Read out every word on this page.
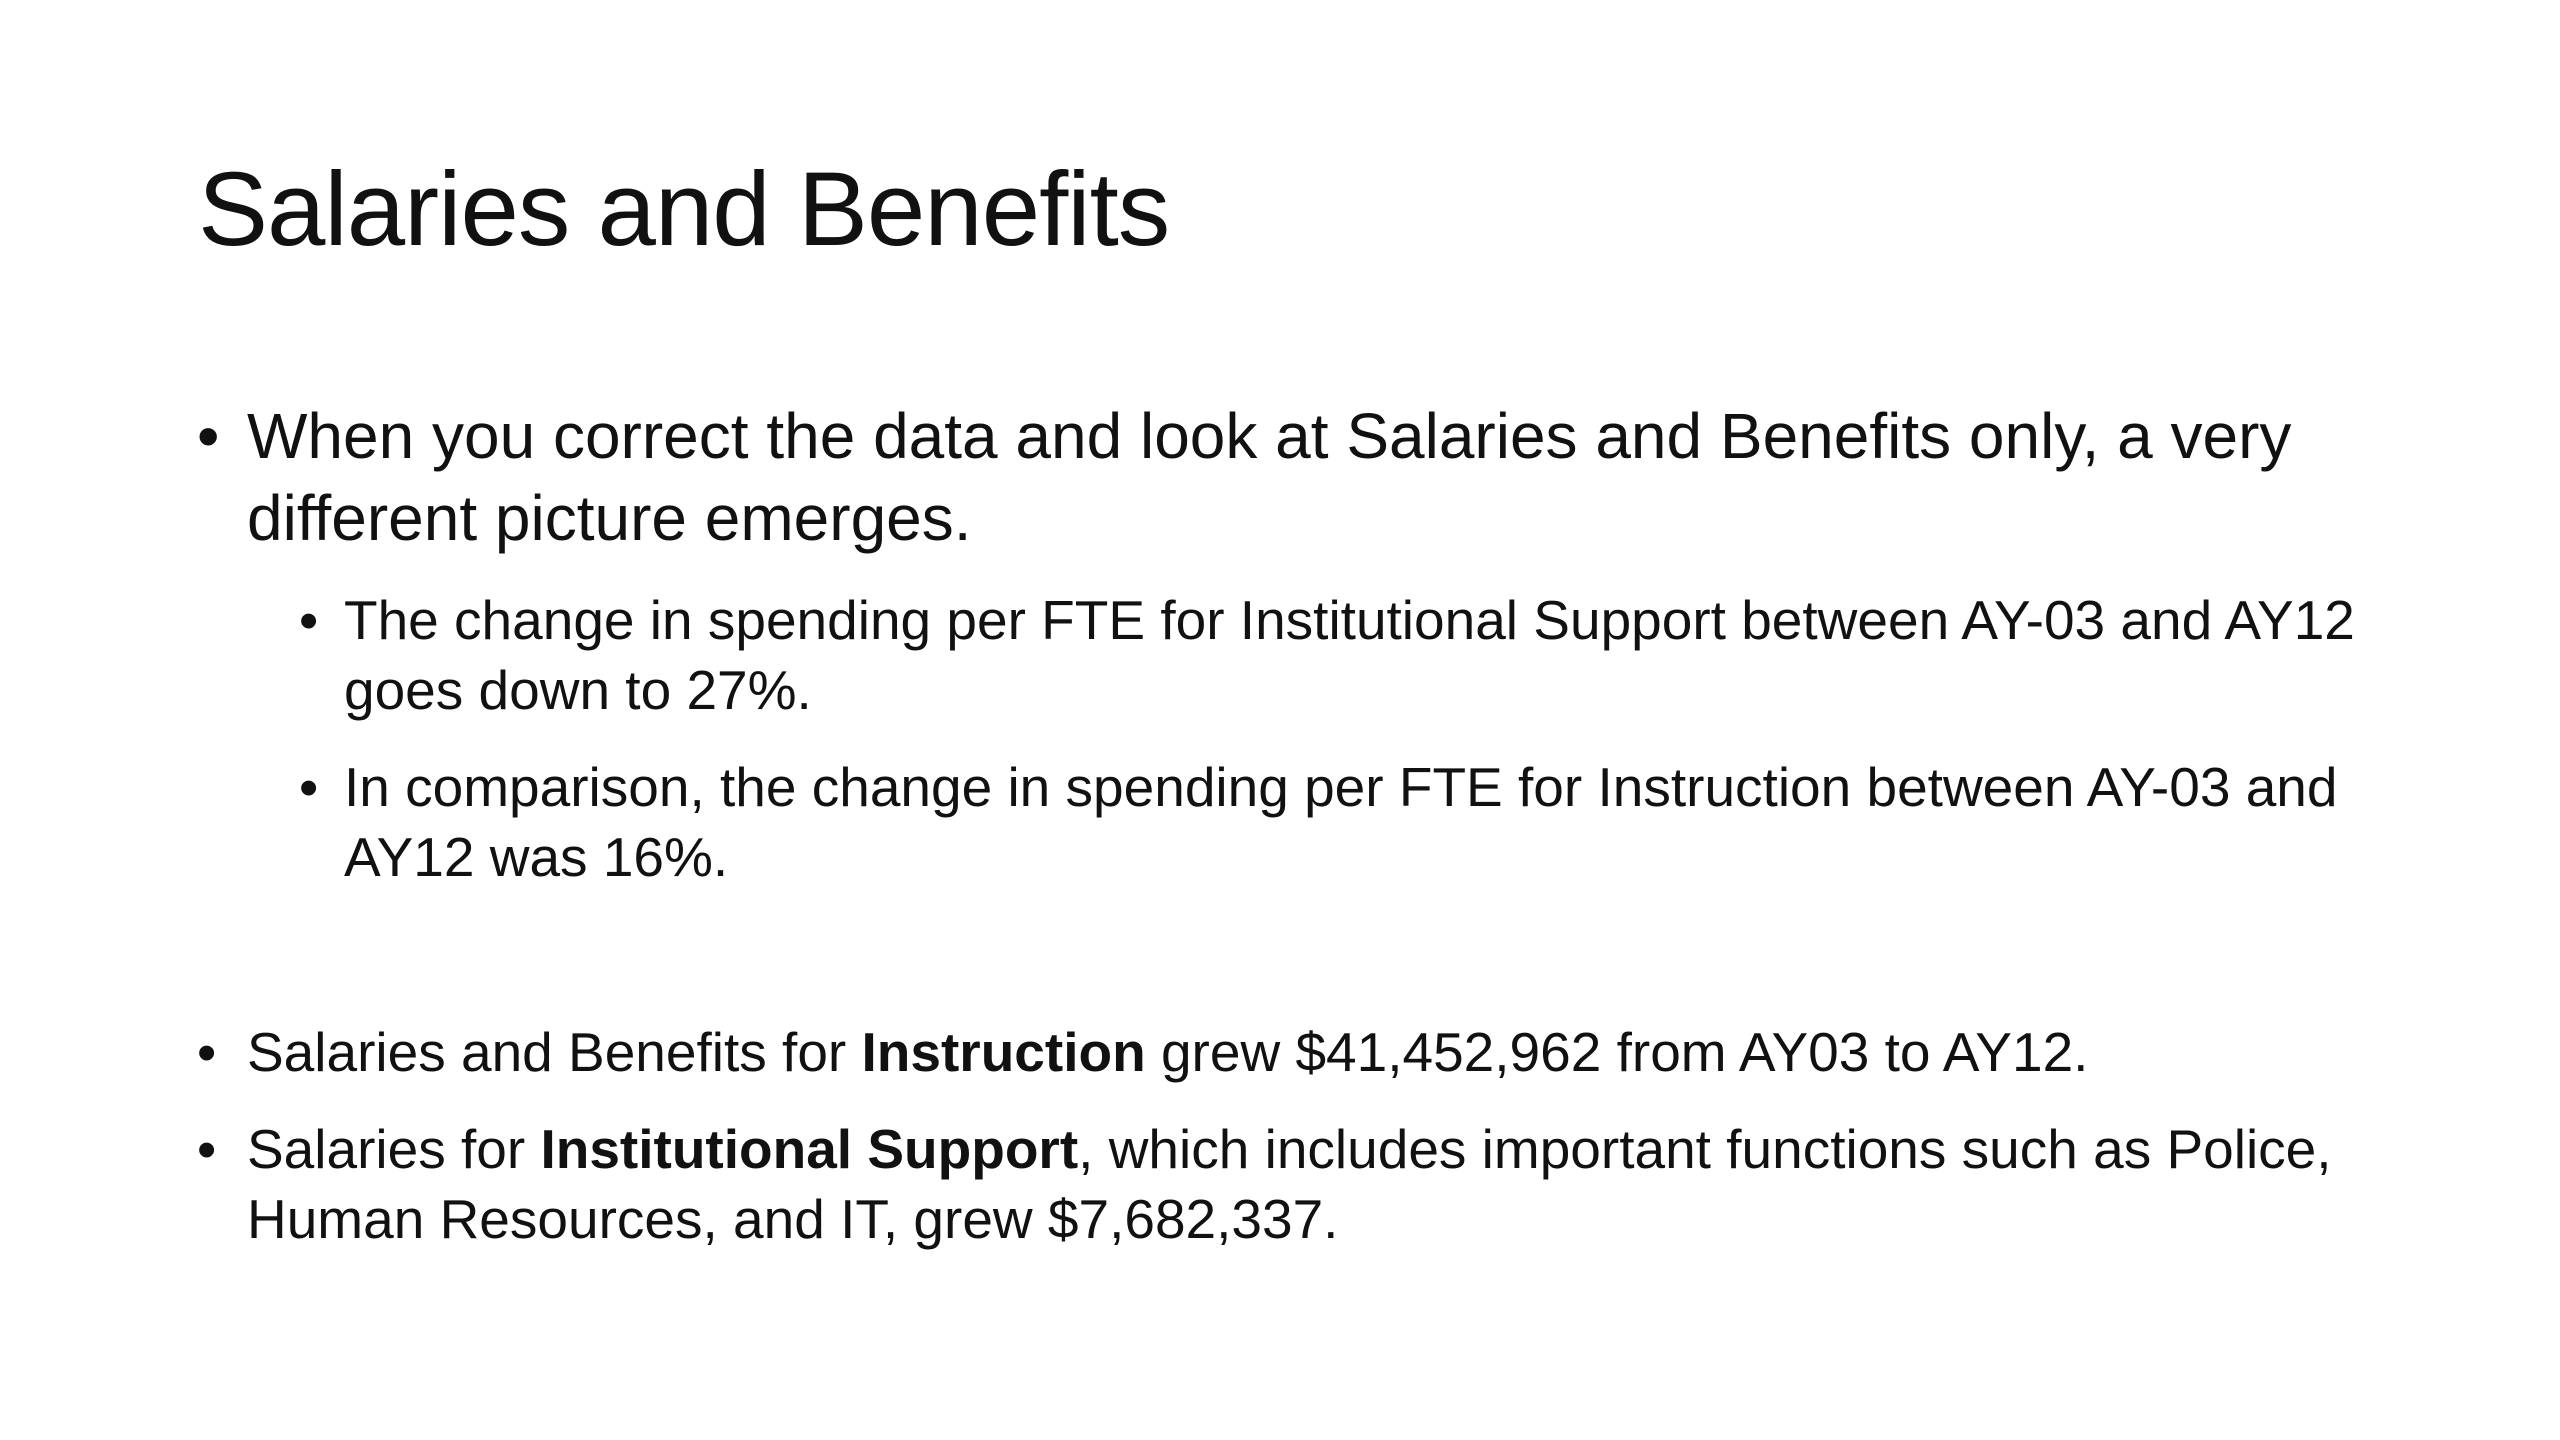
Salaries and Benefits

• When you correct the data and look at Salaries and Benefits only, a very different picture emerges.

• The change in spending per FTE for Institutional Support between AY-03 and AY12 goes down to 27%.

• In comparison, the change in spending per FTE for Instruction between AY-03 and AY12 was 16%.

• Salaries and Benefits for Instruction grew $41,452,962 from AY03 to AY12.

• Salaries for Institutional Support, which includes important functions such as Police, Human Resources, and IT, grew $7,682,337.
